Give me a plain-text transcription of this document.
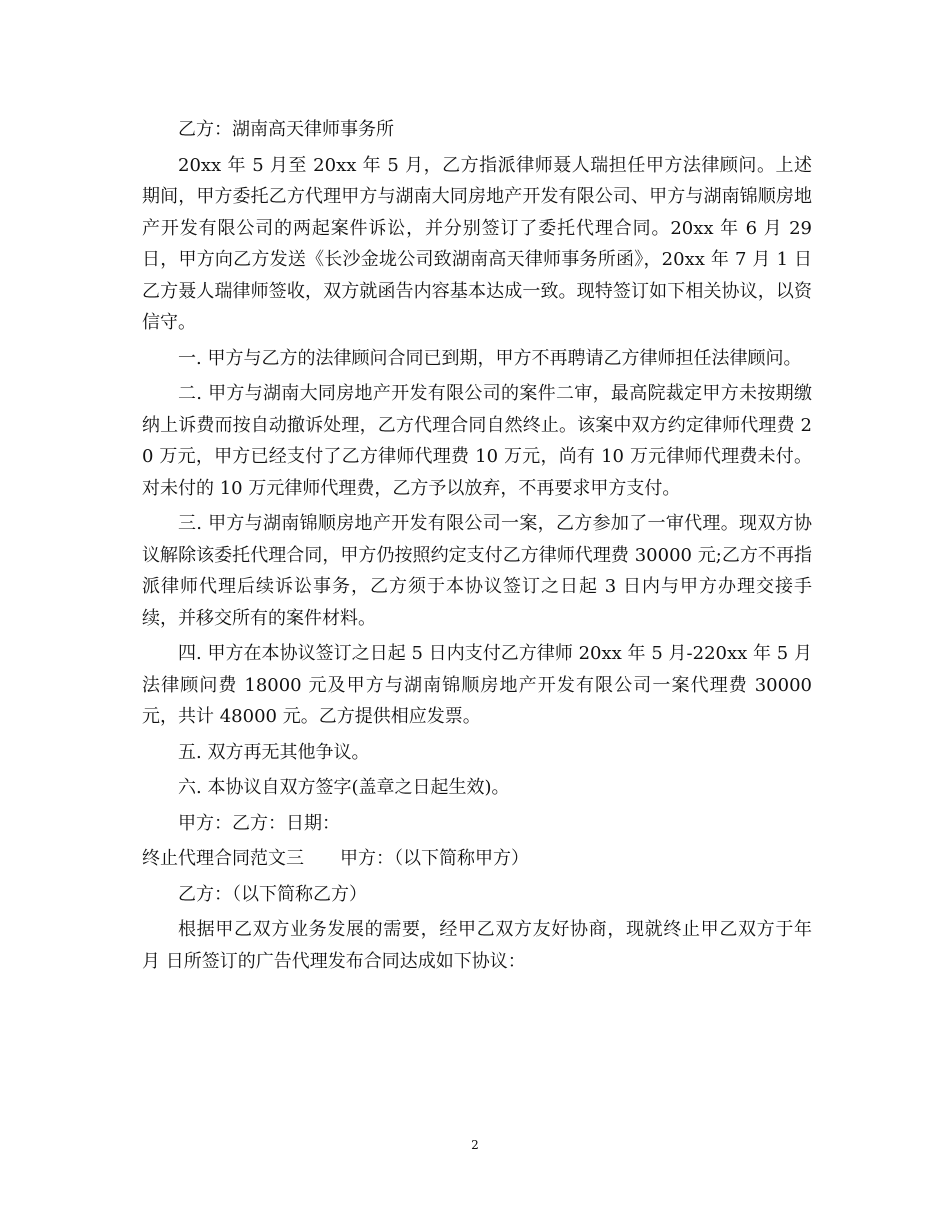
乙方：湖南高天律师事务所

20xx 年 5 月至 20xx 年 5 月，乙方指派律师聂人瑞担任甲方法律顾问。上述期间，甲方委托乙方代理甲方与湖南大同房地产开发有限公司、甲方与湖南锦顺房地产开发有限公司的两起案件诉讼，并分别签订了委托代理合同。20xx 年 6 月 29 日，甲方向乙方发送《长沙金垅公司致湖南高天律师事务所函》，20xx 年 7 月 1 日乙方聂人瑞律师签收，双方就函告内容基本达成一致。现特签订如下相关协议，以资信守。

一. 甲方与乙方的法律顾问合同已到期，甲方不再聘请乙方律师担任法律顾问。

二. 甲方与湖南大同房地产开发有限公司的案件二审，最高院裁定甲方未按期缴纳上诉费而按自动撤诉处理，乙方代理合同自然终止。该案中双方约定律师代理费 20 万元，甲方已经支付了乙方律师代理费 10 万元，尚有 10 万元律师代理费未付。对未付的 10 万元律师代理费，乙方予以放弃，不再要求甲方支付。

三. 甲方与湖南锦顺房地产开发有限公司一案，乙方参加了一审代理。现双方协议解除该委托代理合同，甲方仍按照约定支付乙方律师代理费 30000 元;乙方不再指派律师代理后续诉讼事务，乙方须于本协议签订之日起 3 日内与甲方办理交接手续，并移交所有的案件材料。

四. 甲方在本协议签订之日起 5 日内支付乙方律师 20xx 年 5 月-220xx 年 5 月法律顾问费 18000 元及甲方与湖南锦顺房地产开发有限公司一案代理费 30000 元，共计 48000 元。乙方提供相应发票。

五. 双方再无其他争议。

六. 本协议自双方签字(盖章之日起生效)。

甲方：乙方：日期：

终止代理合同范文三 甲方：（以下简称甲方）

乙方：（以下简称乙方）

根据甲乙双方业务发展的需要，经甲乙双方友好协商，现就终止甲乙双方于年 月 日所签订的广告代理发布合同达成如下协议：

2
